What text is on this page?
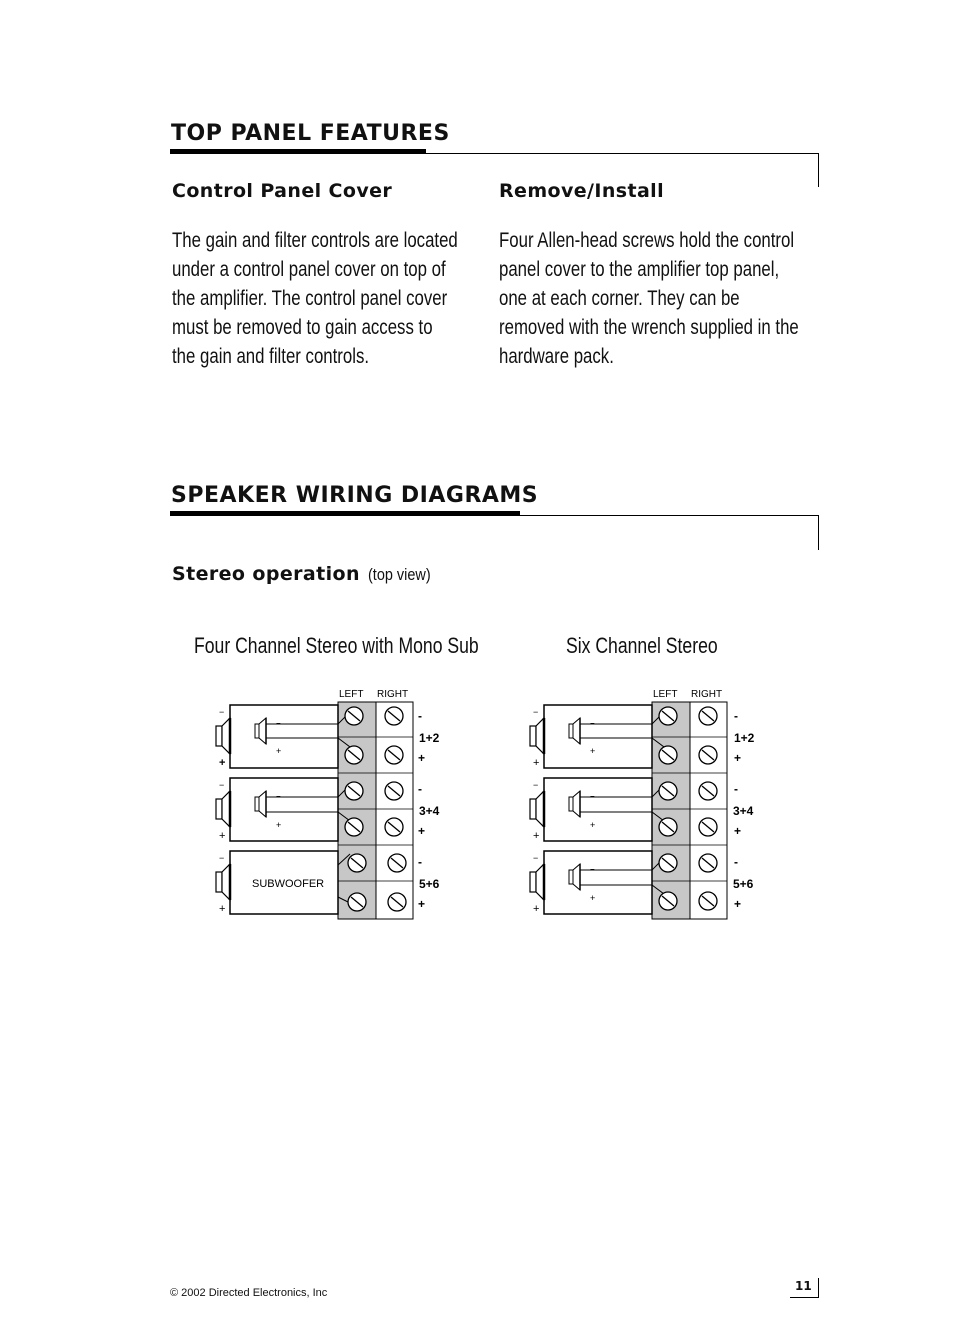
TOP PANEL FEATURES
Control Panel Cover

The gain and filter controls are located under a control panel cover on top of the amplifier. The control panel cover must be removed to gain access to the gain and filter controls.

Remove/Install

Four Allen-head screws hold the control panel cover to the amplifier top panel, one at each corner. They can be removed with the wrench supplied in the hardware pack.

SPEAKER WIRING DIAGRAMS
Stereo operation (top view)

Four Channel Stereo with Mono Sub	Six Channel Stereo

−
+
−
+
−
+
−
+
−
+
SUBWOOFER
LEFT RIGHT
-
1+2
+
-
3+4
+
-
5+6
+
−
+
−
+
−
+
−
+
−
+
−
+
LEFT RIGHT
-
1+2
+
-
3+4
+
-
5+6
+
© 2002 Directed Electronics, Inc	11
